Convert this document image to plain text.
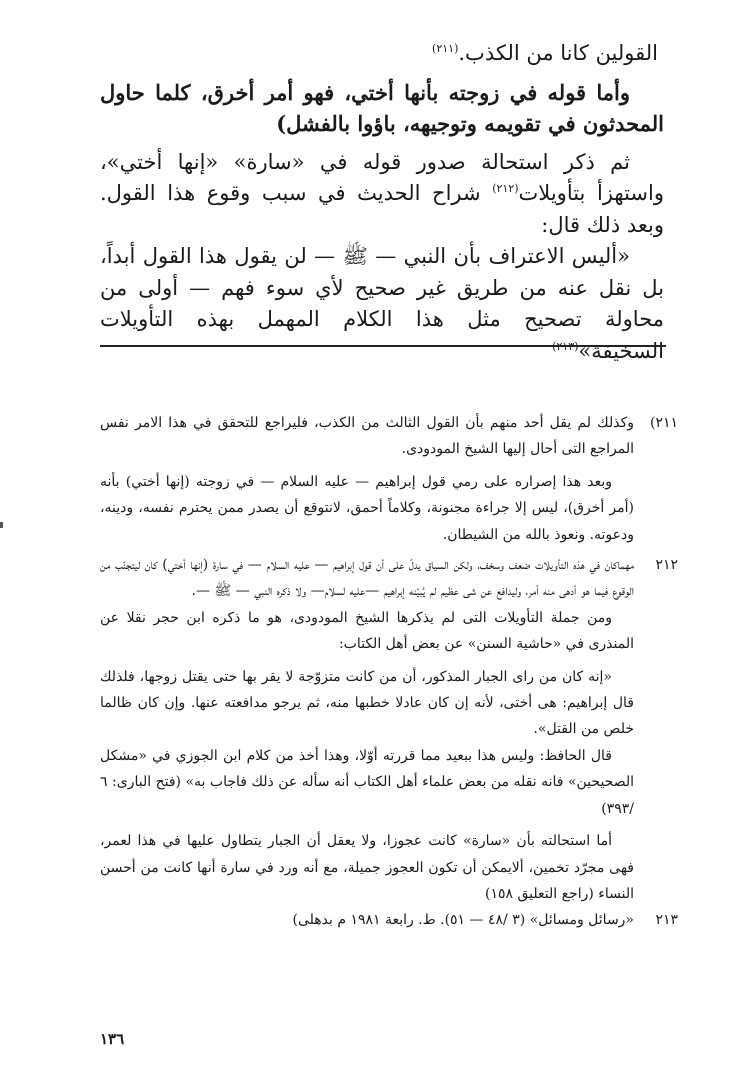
القولين كانا من الكذب.$^{(٢١١)}$

وأما قوله في زوجته بأنها أختي، فهو أمر أخرق، كلما حاول المحدثون في تقويمه وتوجيهه، باؤوا بالفشل)

ثم ذكر استحالة صدور قوله في «سارة» «إنها أختي»، واستهزأ بتأويلات$^{(٢١٢)}$ شراح الحديث في سبب وقوع هذا القول. وبعد ذلك قال:

«أليس الاعتراف بأن النبي — ﷺ — لن يقول هذا القول أبداً، بل نقل عنه من طريق غير صحيح لأي سوء فهم — أولى من محاولة تصحيح مثل هذا الكلام المهمل بهذه التأويلات السخيفة»$^{(٢١٣)}$

٢١١)

وكذلك لم يقل أحد منهم بأن القول الثالث من الكذب، فليراجع للتحقق في هذا الامر نفس المراجع التى أحال إليها الشيخ المودودى.

وبعد هذا إصراره على رمي قول إبراهيم — عليه السلام — في زوجته (إنها أختي) بأنه (أمر أخرق)، ليس إلا جراءة مجنونة، وكلاماً أحمق، لانتوقع أن يصدر ممن يحترم نفسه، ودينه، ودعوته. ونعوذ بالله من الشيطان.

٢١٢

مهماكان في هذه التأويلات ضعف وسخف، ولكن السياق يدلّ على أن قول إبراهيم — عليه السلام — في سارة (إنها أختي) كان ليتجنّب من الوقوع فيما هو أدهى منه أمر، وليدافع عن شى عظيم لم يُبيّنه إبراهيم —عليه لسلام— ولا ذكره النبي — ﷺ —.

ومن جملة التأويلات التى لم يذكرها الشيخ المودودى، هو ما ذكره ابن حجر نقلا عن المنذرى في «حاشية السنن» عن بعض أهل الكتاب:

«إنه كان من راى الجبار المذكور، أن من كانت متزوّجة لا يقر بها حتى يقتل زوجها، فلذلك قال إبراهيم: هى أختى، لأنه إن كان عادلا خطبها منه، ثم يرجو مدافعته عنها. وإن كان ظالما خلص من القتل».

قال الحافظ: وليس هذا ببعيد مما قررته أوّلا، وهذا أخذ من كلام ابن الجوزي في «مشكل الصحيحين» فانه نقله من بعض علماء أهل الكتاب أنه سأله عن ذلك فاجاب به» (فتح البارى: ٦ /٣٩٣)

أما استحالته بأن «سارة» كانت عجوزا، ولا يعقل أن الجبار يتطاول عليها في هذا لعمر، فهى مجرّد تخمين، ألايمكن أن تكون العجوز جميلة، مع أنه ورد في سارة أنها كانت من أحسن النساء (راجع التعليق ١٥٨)

٢١٣

«رسائل ومسائل» (٣ /٤٨ — ٥١). ط. رابعة ١٩٨١ م بدهلى)

١٣٦
